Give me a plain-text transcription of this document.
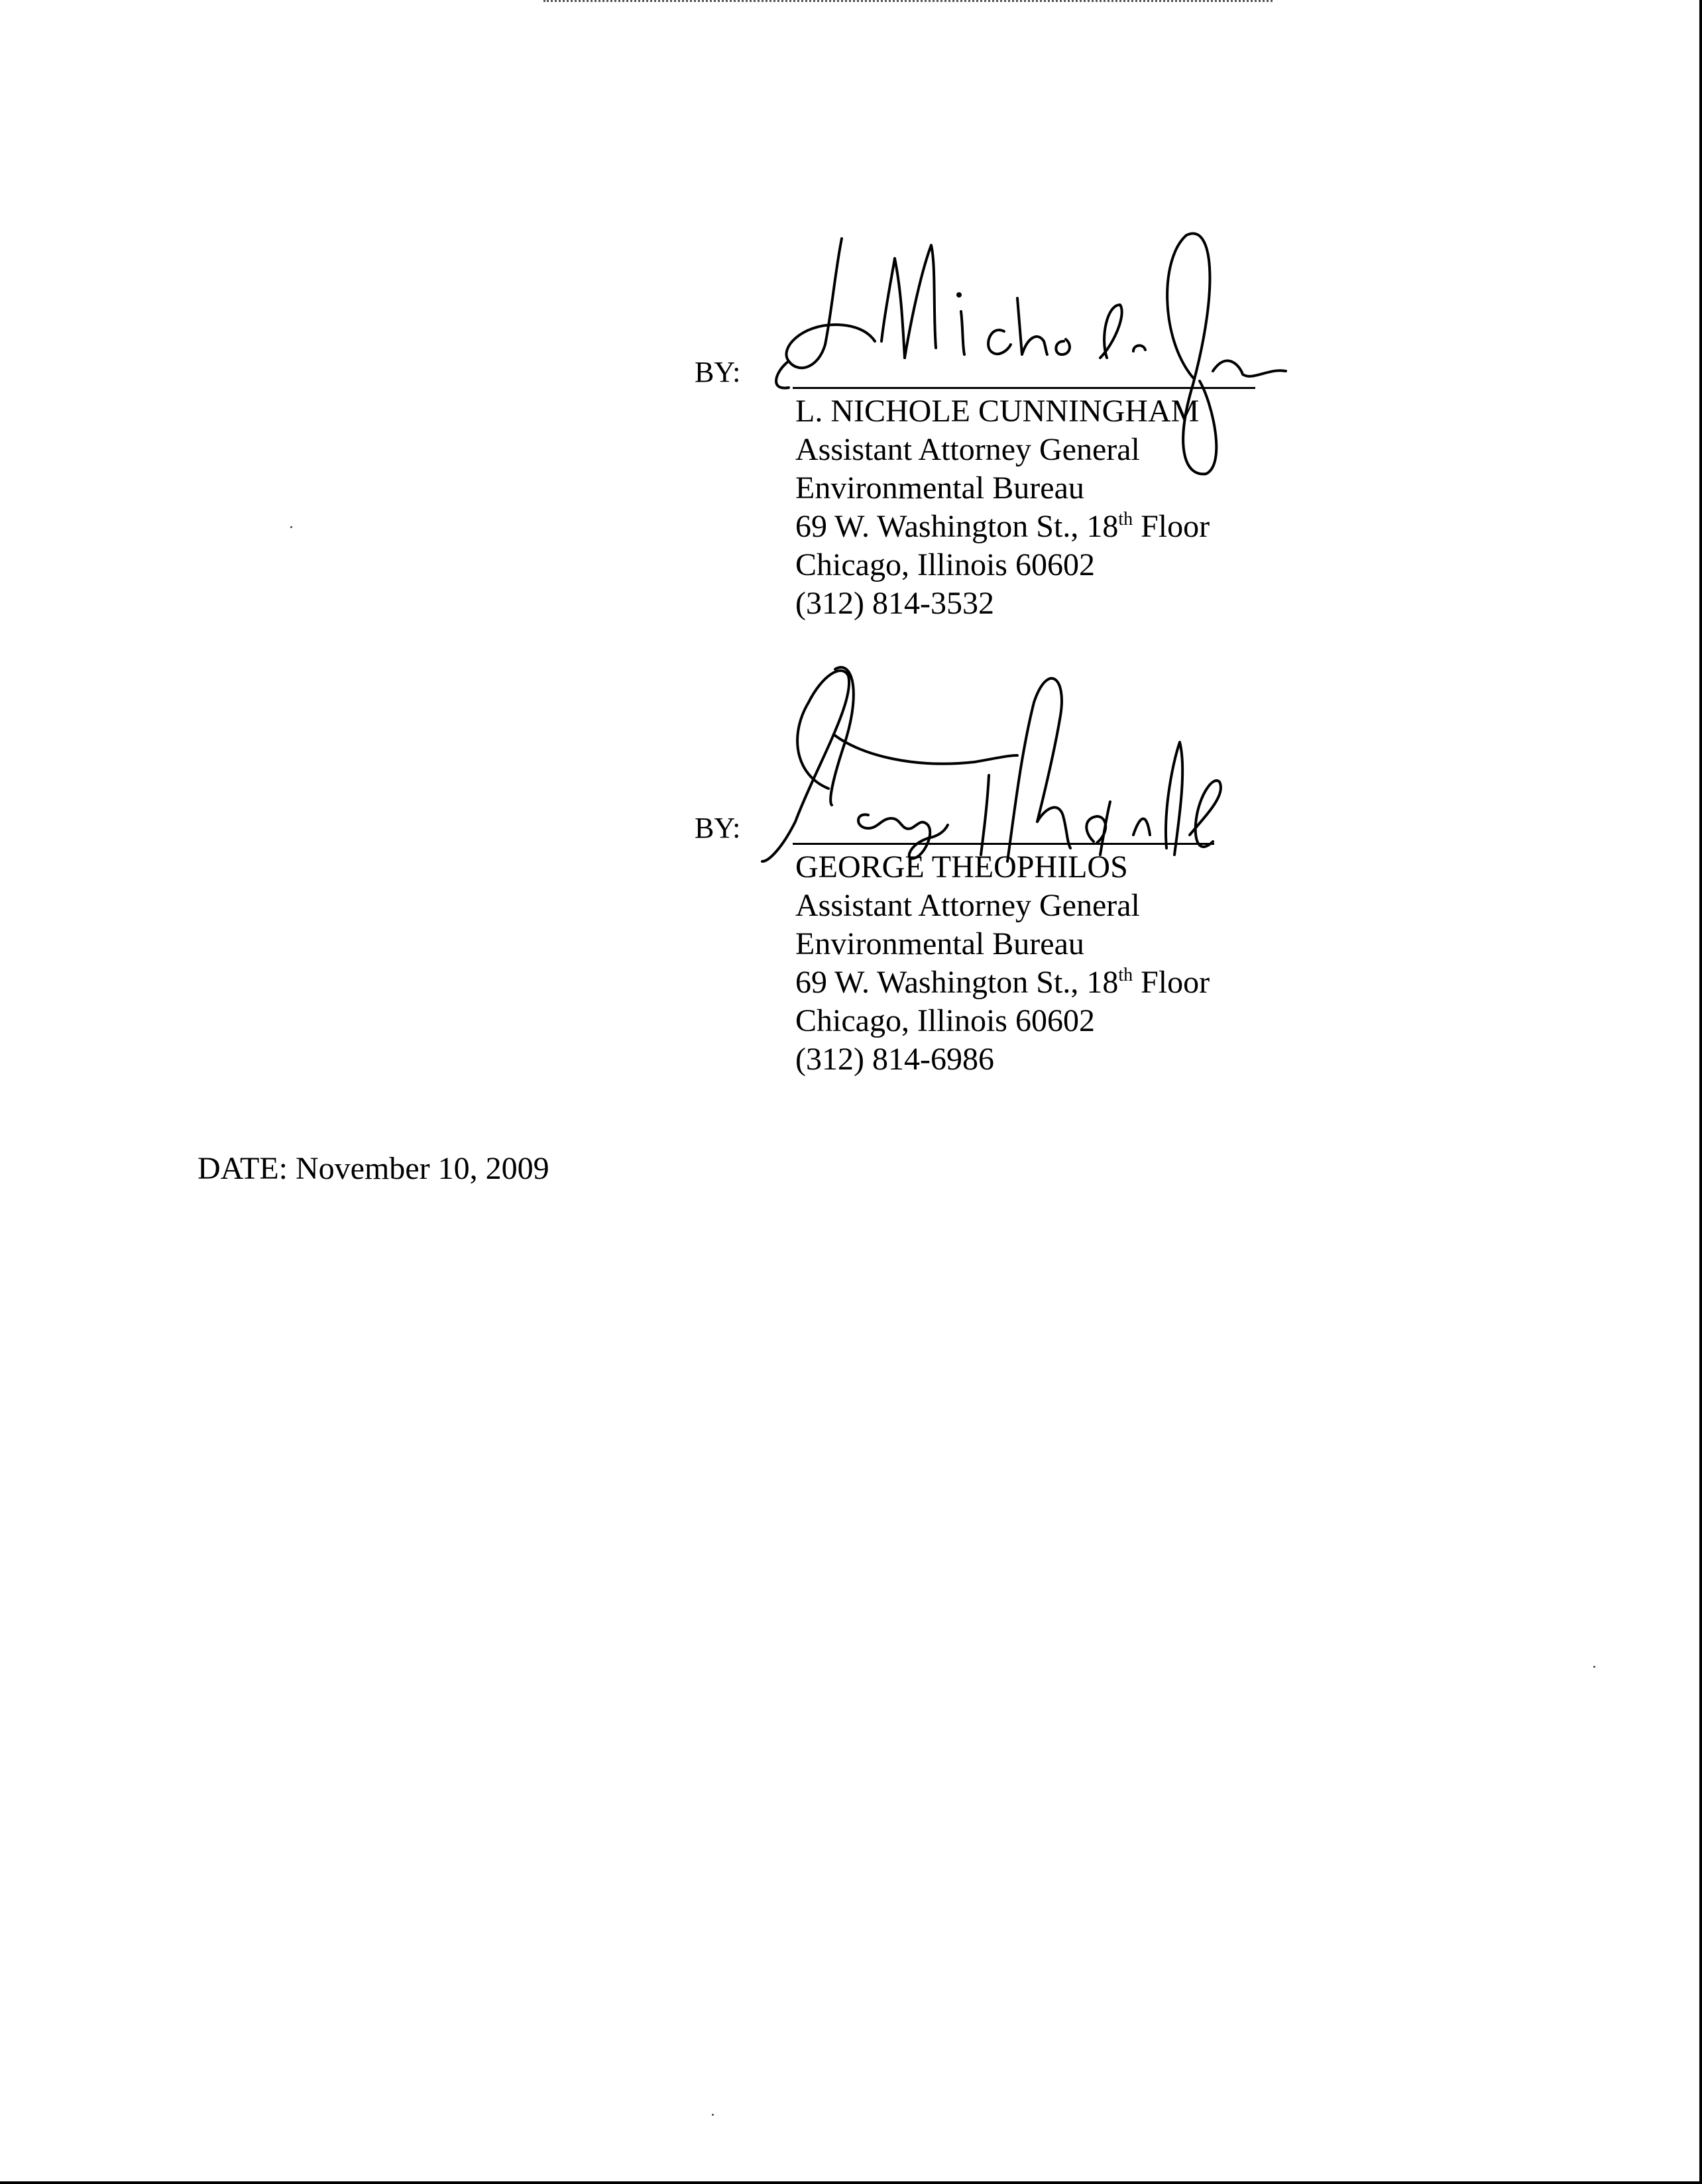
BY:
L. NICHOLE CUNNINGHAM
Assistant Attorney General
Environmental Bureau
69 W. Washington St., 18th Floor
Chicago, Illinois 60602
(312) 814-3532
BY:
GEORGE THEOPHILOS
Assistant Attorney General
Environmental Bureau
69 W. Washington St., 18th Floor
Chicago, Illinois 60602
(312) 814-6986
DATE: November 10, 2009
